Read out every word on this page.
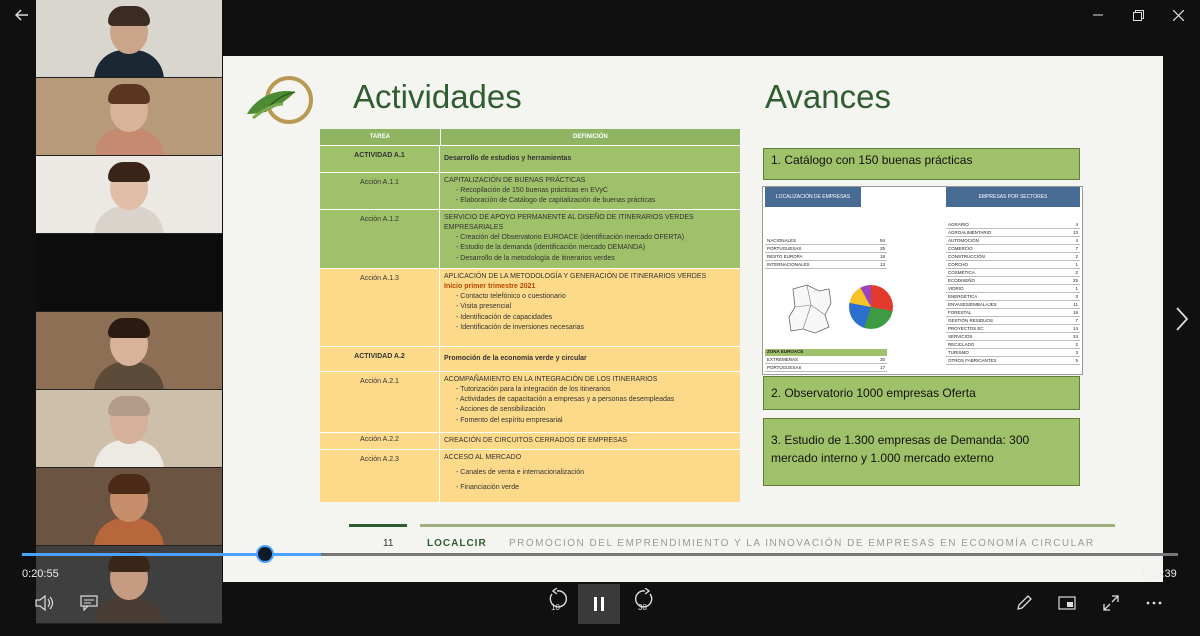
Actividades	Avances
TAREA	DEFINICIÓN
ACTIVIDAD A.1	Desarrollo de estudios y herramientas
Acción A.1.1	CAPITALIZACIÓN DE BUENAS PRÁCTICAS
- Recopilación de 150 buenas prácticas en EVyC
- Elaboración de Catálogo de capitalización de buenas prácticas
Acción A.1.2	SERVICIO DE APOYO PERMANENTE AL DISEÑO DE ITINERARIOS VERDES EMPRESARIALES
- Creación del Observatorio EUROACE (identificación mercado OFERTA)
- Estudio de la demanda (identificación mercado DEMANDA)
- Desarrollo de la metodología de itinerarios verdes
Acción A.1.3	APLICACIÓN DE LA METODOLOGÍA Y GENERACIÓN DE ITINERARIOS VERDES
Inicio primer trimestre 2021
- Contacto telefónico o cuestionario
- Visita presencial
- Identificación de capacidades
- Identificación de inversiones necesarias
ACTIVIDAD A.2	Promoción de la economía verde y circular
Acción A.2.1	ACOMPAÑAMIENTO EN LA INTEGRACIÓN DE LOS ITINERARIOS
- Tutorización para la integración de los itinerarios
- Actividades de capacitación a empresas y a personas desempleadas
- Acciones de sensibilización
- Fomento del espíritu empresarial
Acción A.2.2	CREACIÓN DE CIRCUITOS CERRADOS DE EMPRESAS
Acción A.2.3	ACCESO AL MERCADO
- Canales de venta e internacionalización
- Financiación verde
1. Catálogo con 150 buenas prácticas
LOCALIZACIÓN DE EMPRESAS	EMPRESAS POR SECTORES
NACIONALES	94
PORTUGUESAS	25
RESTO EUROPA	18
INTERNACIONALES	13
ZONA EUROACE
EXTREMEÑAS	30
PORTUGUESAS	17
AGRARIO	4
AGROALIMENTARIO	13
AUTOMOCIÓN	4
COMERCIO	7
CONSTRUCCIÓN	2
CORCHO	1
COSMÉTICA	2
ECODISEÑO	25
VIDRIO	1
ENERGÉTICA	3
ENVASES/EMBALAJES	11
FORESTAL	16
GESTIÓN RESIDUOS	7
PROYECTOS EC	14
SERVICIOS	24
RECICLADO	2
TURISMO	3
OTROS FABRICANTES	5
2. Observatorio 1000 empresas Oferta
3. Estudio de 1.300 empresas de Demanda: 300 mercado interno y 1.000 mercado externo
11	LOCALCIR PROMOCION DEL EMPRENDIMIENTO Y LA INNOVACIÓN DE EMPRESAS EN ECONOMÍA CIRCULAR
0:20:55	1:20:39
10	30
